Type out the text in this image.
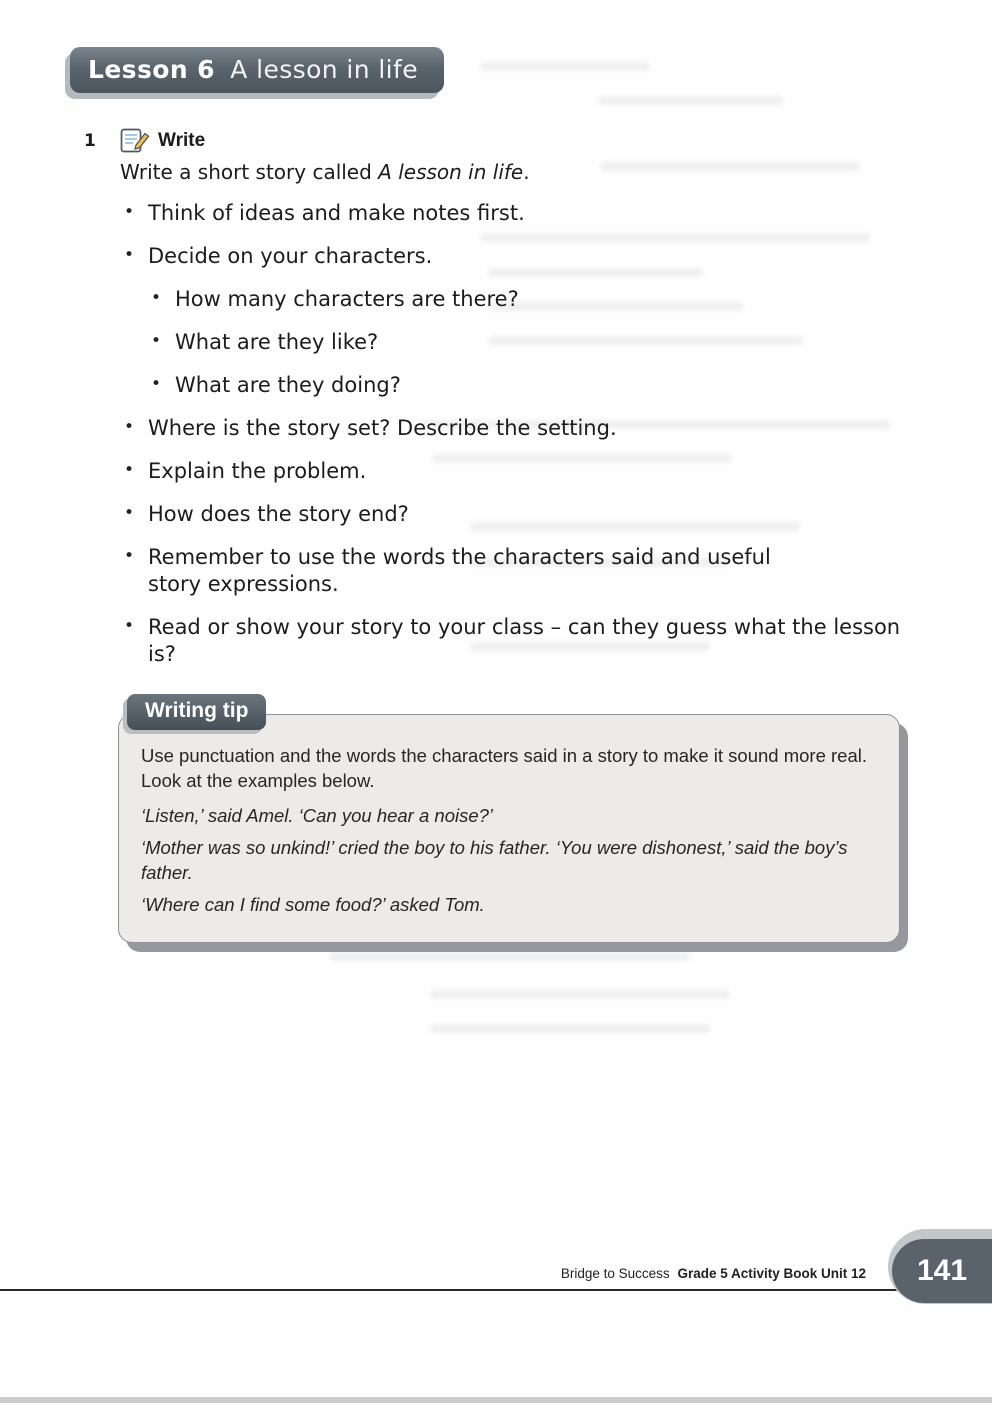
Lesson 6 A lesson in life
1	Write

Write a short story called A lesson in life.

• Think of ideas and make notes first.
• Decide on your characters.
• How many characters are there?
• What are they like?
• What are they doing?
• Where is the story set? Describe the setting.
• Explain the problem.
• How does the story end?
• Remember to use the words the characters said and useful story expressions.
• Read or show your story to your class – can they guess what the lesson is?
Writing tip

Use punctuation and the words the characters said in a story to make it sound more real. Look at the examples below.

‘Listen,’ said Amel. ‘Can you hear a noise?’

‘Mother was so unkind!’ cried the boy to his father. ‘You were dishonest,’ said the boy’s father.

‘Where can I find some food?’ asked Tom.

Bridge to Success Grade 5 Activity Book Unit 12	141
